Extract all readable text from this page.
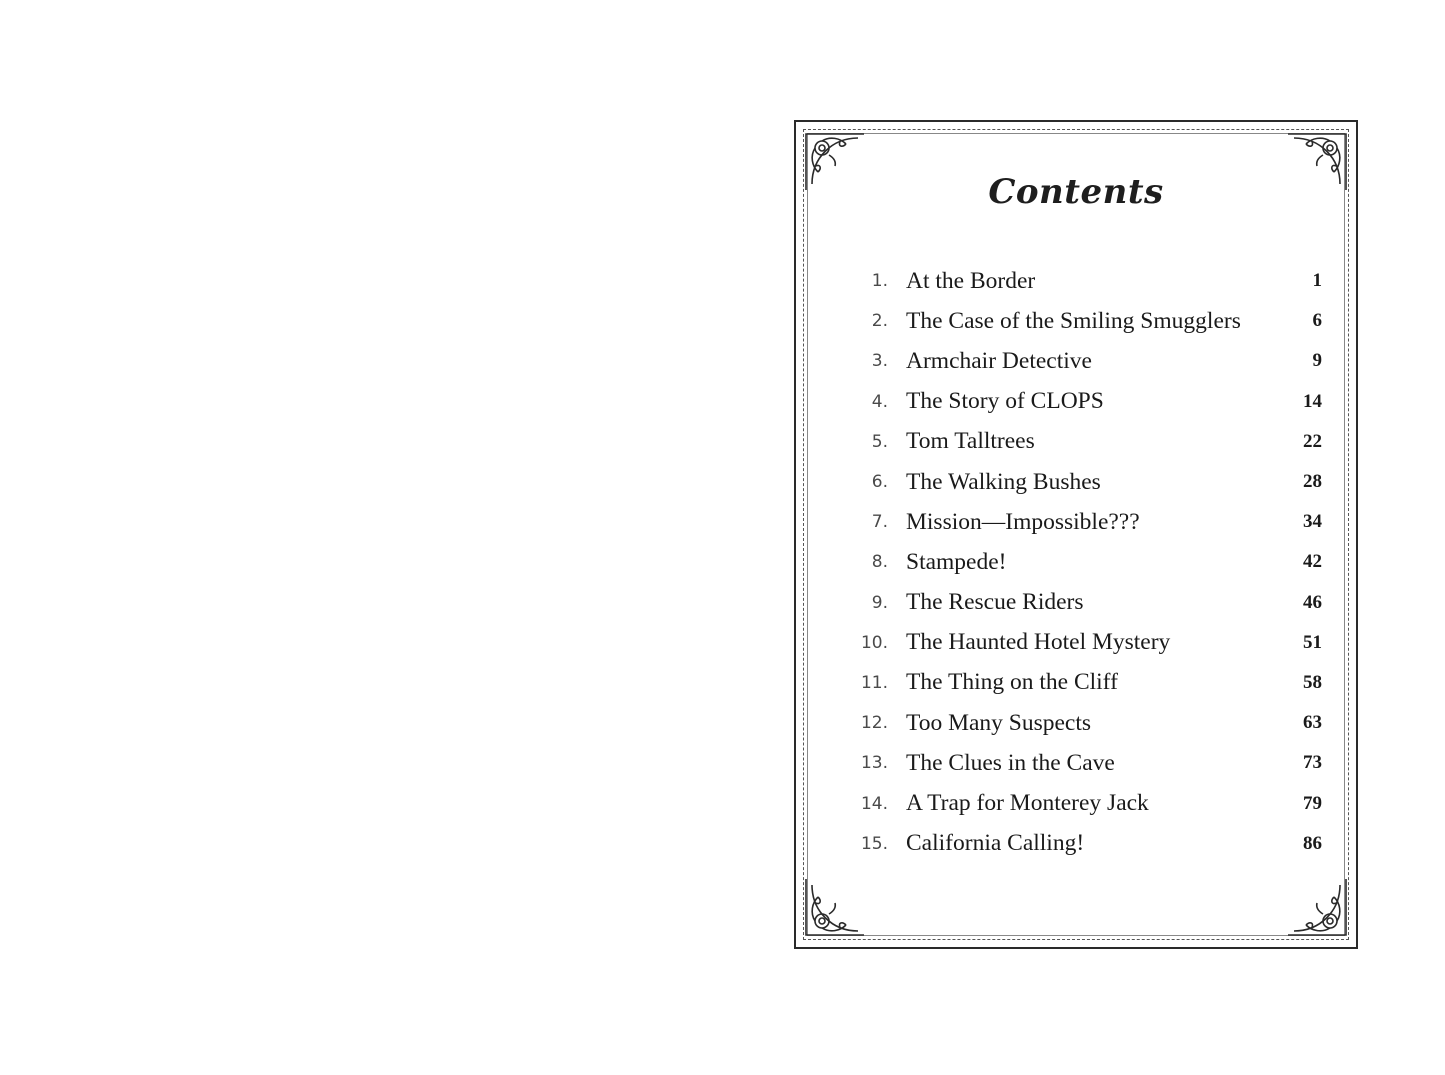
Contents
1. At the Border	1
2. The Case of the Smiling Smugglers	6
3. Armchair Detective	9
4. The Story of CLOPS	14
5. Tom Talltrees	22
6. The Walking Bushes	28
7. Mission—Impossible???	34
8. Stampede!	42
9. The Rescue Riders	46
10. The Haunted Hotel Mystery	51
11. The Thing on the Cliff	58
12. Too Many Suspects	63
13. The Clues in the Cave	73
14. A Trap for Monterey Jack	79
15. California Calling!	86
